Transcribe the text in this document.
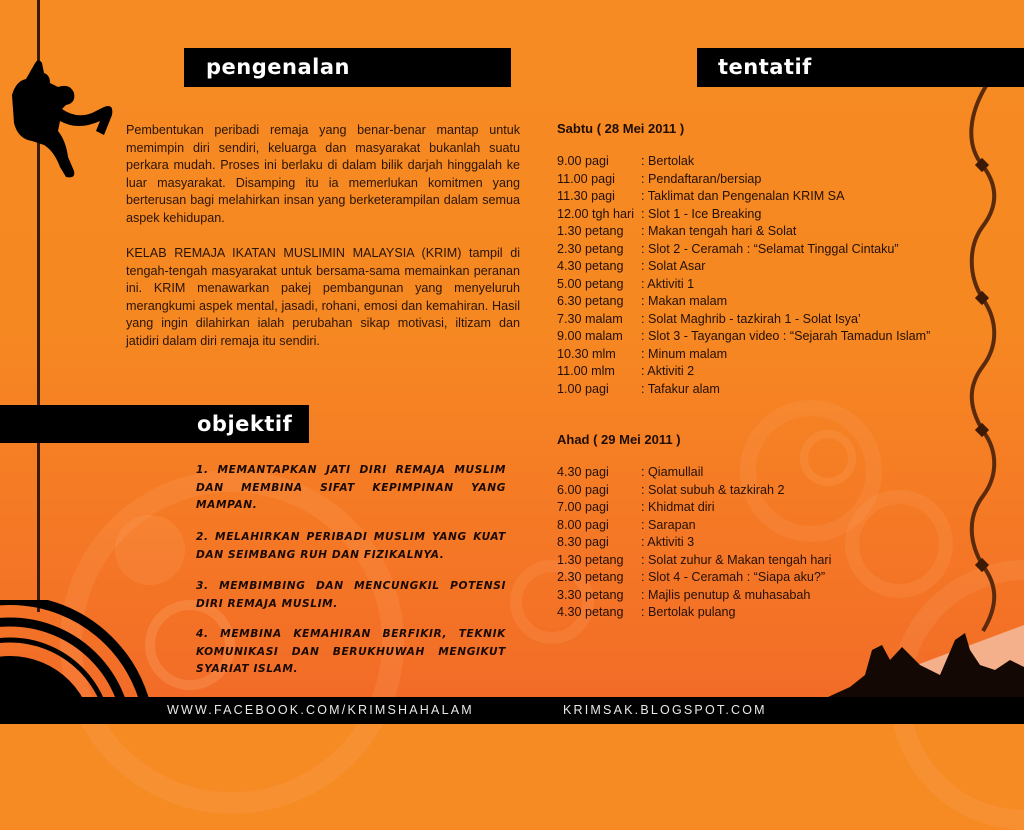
pengenalan

Pembentukan peribadi remaja yang benar-benar mantap untuk memimpin diri sendiri, keluarga dan masyarakat bukanlah suatu perkara mudah. Proses ini berlaku di dalam bilik darjah hinggalah ke luar masyarakat. Disamping itu ia memerlukan komitmen yang berterusan bagi melahirkan insan yang berketerampilan dalam semua aspek kehidupan.

KELAB REMAJA IKATAN MUSLIMIN MALAYSIA (KRIM) tampil di tengah-tengah masyarakat untuk bersama-sama memainkan peranan ini. KRIM menawarkan pakej pembangunan yang menyeluruh merangkumi aspek mental, jasadi, rohani, emosi dan kemahiran. Hasil yang ingin dilahirkan ialah perubahan sikap motivasi, iltizam dan jatidiri dalam diri remaja itu sendiri.

objektif

1. MEMANTAPKAN JATI DIRI REMAJA MUSLIM DAN MEMBINA SIFAT KEPIMPINAN YANG MAMPAN.

2. MELAHIRKAN PERIBADI MUSLIM YANG KUAT DAN SEIMBANG RUH DAN FIZIKALNYA.

3. MEMBIMBING DAN MENCUNGKIL POTENSI DIRI REMAJA MUSLIM.

4. MEMBINA KEMAHIRAN BERFIKIR, TEKNIK KOMUNIKASI DAN BERUKHUWAH MENGIKUT SYARIAT ISLAM.

tentatif
Sabtu ( 28 Mei 2011 )
9.00 pagi	: Bertolak
11.00 pagi	: Pendaftaran/bersiap
11.30 pagi	: Taklimat dan Pengenalan KRIM SA
12.00 tgh hari : Slot 1 - Ice Breaking
1.30 petang	: Makan tengah hari & Solat
2.30 petang	: Slot 2 - Ceramah : “Selamat Tinggal Cintaku”
4.30 petang	: Solat Asar
5.00 petang	: Aktiviti 1
6.30 petang	: Makan malam
7.30 malam	: Solat Maghrib - tazkirah 1 - Solat Isya’
9.00 malam	: Slot 3 - Tayangan video : “Sejarah Tamadun Islam”
10.30 mlm	: Minum malam
11.00 mlm	: Aktiviti 2
1.00 pagi	: Tafakur alam
Ahad ( 29 Mei 2011 )
4.30 pagi	: Qiamullail
6.00 pagi	: Solat subuh & tazkirah 2
7.00 pagi	: Khidmat diri
8.00 pagi	: Sarapan
8.30 pagi	: Aktiviti 3
1.30 petang	: Solat zuhur & Makan tengah hari
2.30 petang	: Slot 4 - Ceramah : “Siapa aku?”
3.30 petang	: Majlis penutup & muhasabah
4.30 petang	: Bertolak pulang
WWW.FACEBOOK.COM/KRIMSHAHALAM	KRIMSAK.BLOGSPOT.COM
